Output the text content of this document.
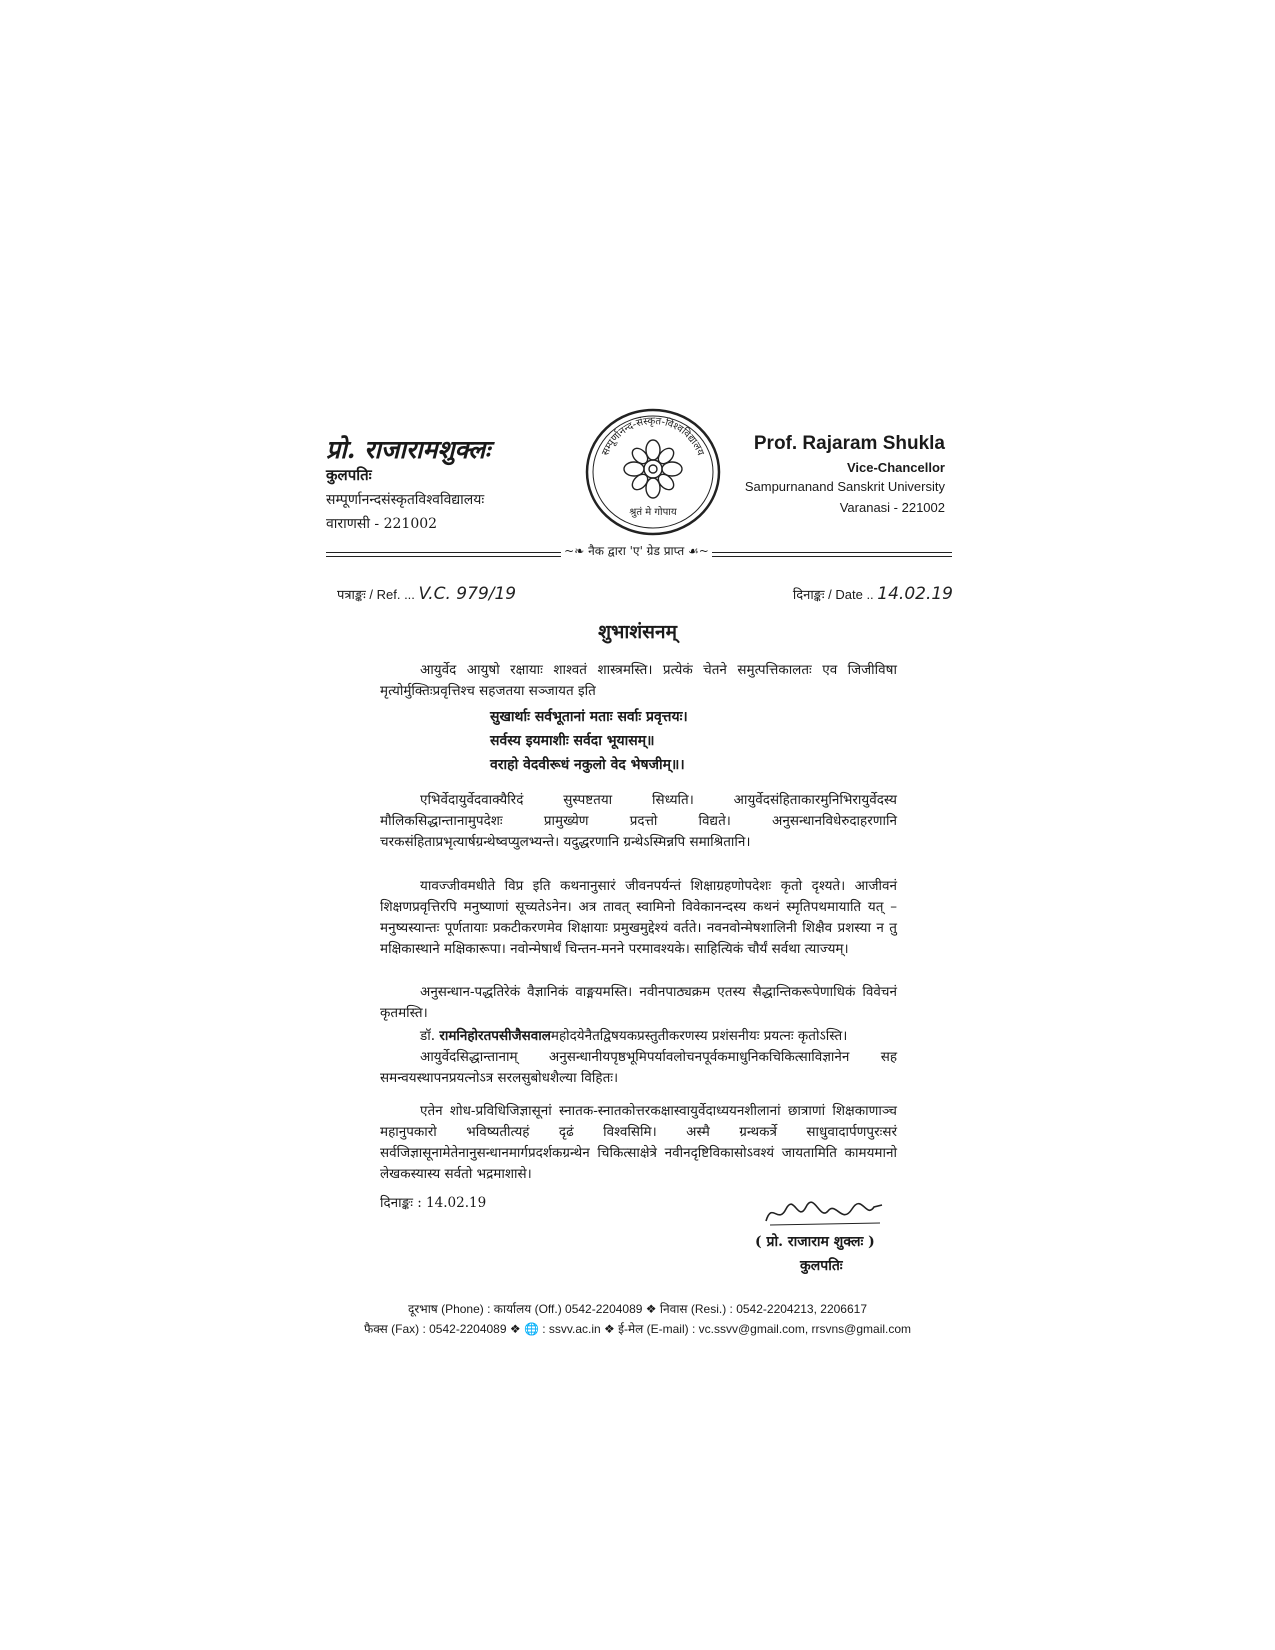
प्रो. राजारामशुक्लः
कुलपतिः
सम्पूर्णानन्दसंस्कृतविश्वविद्यालयः
वाराणसी - 221002
सम्पूर्णानन्द-संस्कृत-विश्वविद्यालय
श्रुतं मे गोपाय
Prof. Rajaram Shukla
Vice-Chancellor
Sampurnanand Sanskrit University
Varanasi - 221002
~❧ नैक द्वारा 'ए' ग्रेड प्राप्त ☙~
पत्राङ्कः / Ref. ... V.C. 979/19	दिनाङ्कः / Date .. 14.02.19
शुभाशंसनम्
आयुर्वेद आयुषो रक्षायाः शाश्वतं शास्त्रमस्ति। प्रत्येकं चेतने समुत्पत्तिकालतः एव जिजीविषा मृत्योर्मुक्तिःप्रवृत्तिश्च सहजतया सञ्जायत इति
सुखार्थाः सर्वभूतानां मताः सर्वाः प्रवृत्तयः।
सर्वस्य इयमाशीः सर्वदा भूयासम्॥
वराहो वेदवीरूधं नकुलो वेद भेषजीम्॥।
एभिर्वेदायुर्वेदवाक्यैरिदं सुस्पष्टतया सिध्यति। आयुर्वेदसंहिताकारमुनिभिरायुर्वेदस्य मौलिकसिद्धान्तानामुपदेशः प्रामुख्येण प्रदत्तो विद्यते। अनुसन्धानविधेरुदाहरणानि चरकसंहिताप्रभृत्यार्षग्रन्थेष्वप्युलभ्यन्ते। यदुद्धरणानि ग्रन्थेऽस्मिन्नपि समाश्रितानि।
यावज्जीवमधीते विप्र इति कथनानुसारं जीवनपर्यन्तं शिक्षाग्रहणोपदेशः कृतो दृश्यते। आजीवनं शिक्षणप्रवृत्तिरपि मनुष्याणां सूच्यतेऽनेन। अत्र तावत् स्वामिनो विवेकानन्दस्य कथनं स्मृतिपथमायाति यत् – मनुष्यस्यान्तः पूर्णतायाः प्रकटीकरणमेव शिक्षायाः प्रमुखमुद्देश्यं वर्तते। नवनवोन्मेषशालिनी शिक्षैव प्रशस्या न तु मक्षिकास्थाने मक्षिकारूपा। नवोन्मेषार्थं चिन्तन-मनने परमावश्यके। साहित्यिकं चौर्यं सर्वथा त्याज्यम्।
अनुसन्धान-पद्धतिरेकं वैज्ञानिकं वाङ्मयमस्ति। नवीनपाठ्यक्रम एतस्य सैद्धान्तिकरूपेणाधिकं विवेचनं कृतमस्ति।
डॉ. रामनिहोरतपसीजैसवालमहोदयेनैतद्विषयकप्रस्तुतीकरणस्य प्रशंसनीयः प्रयत्नः कृतोऽस्ति।
आयुर्वेदसिद्धान्तानाम् अनुसन्धानीयपृष्ठभूमिपर्यावलोचनपूर्वकमाधुनिकचिकित्साविज्ञानेन सह समन्वयस्थापनप्रयत्नोऽत्र सरलसुबोधशैल्या विहितः।
एतेन शोध-प्रविधिजिज्ञासूनां स्नातक-स्नातकोत्तरकक्षास्वायुर्वेदाध्ययनशीलानां छात्राणां शिक्षकाणाञ्च महानुपकारो भविष्यतीत्यहं दृढं विश्वसिमि। अस्मै ग्रन्थकर्त्रे साधुवादार्पणपुरःसरं सर्वजिज्ञासूनामेतेनानुसन्धानमार्गप्रदर्शकग्रन्थेन चिकित्साक्षेत्रे नवीनदृष्टिविकासोऽवश्यं जायतामिति कामयमानो लेखकस्यास्य सर्वतो भद्रमाशासे।
दिनाङ्कः : 14.02.19
( प्रो. राजाराम शुक्लः )
कुलपतिः
दूरभाष (Phone) : कार्यालय (Off.) 0542-2204089 ❖ निवास (Resi.) : 0542-2204213, 2206617
फैक्स (Fax) : 0542-2204089 ❖ 🌐 : ssvv.ac.in ❖ ई-मेल (E-mail) : vc.ssvv@gmail.com, rrsvns@gmail.com
